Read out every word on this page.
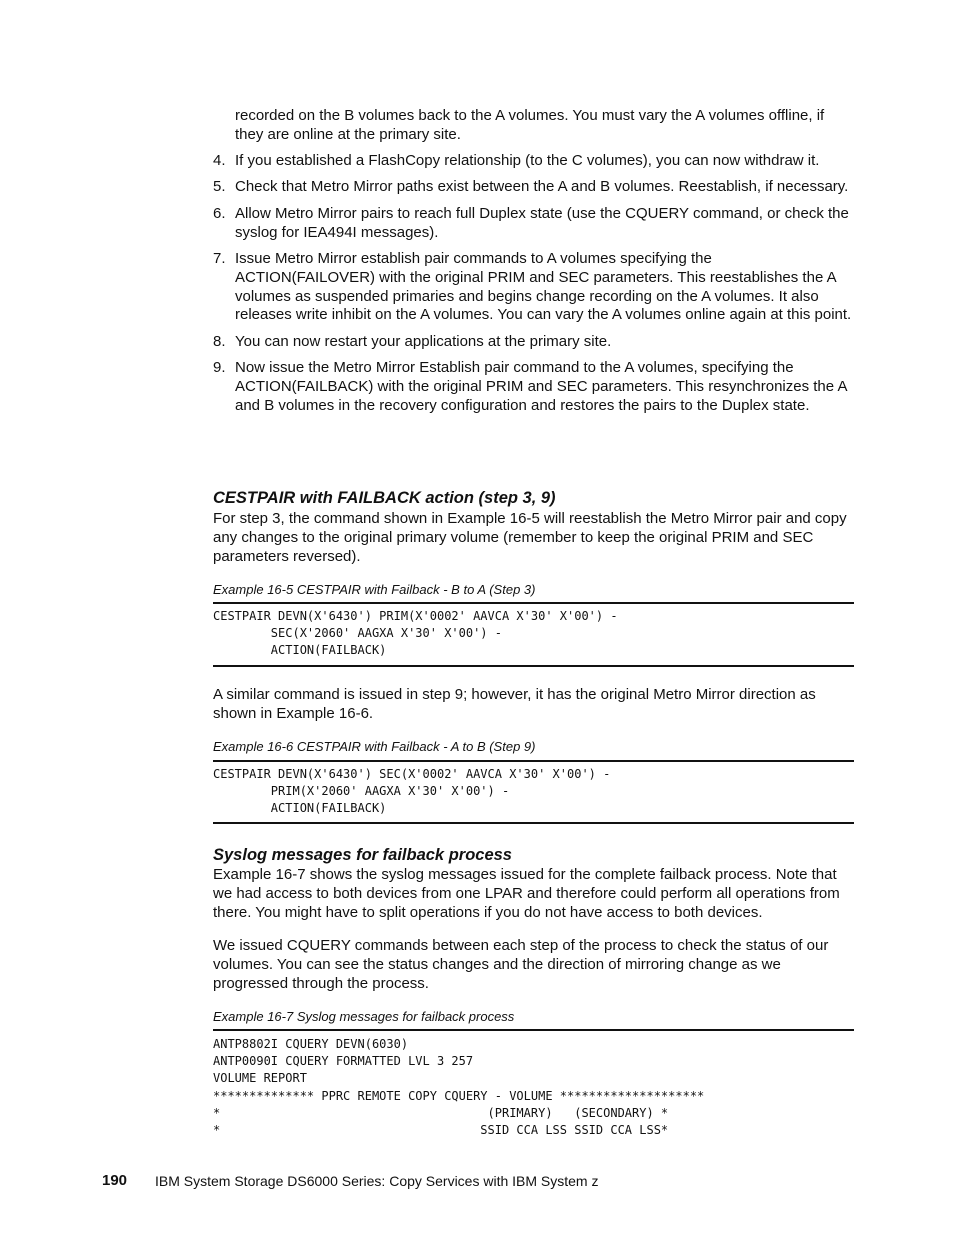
recorded on the B volumes back to the A volumes. You must vary the A volumes offline, if they are online at the primary site.
4. If you established a FlashCopy relationship (to the C volumes), you can now withdraw it.
5. Check that Metro Mirror paths exist between the A and B volumes. Reestablish, if necessary.
6. Allow Metro Mirror pairs to reach full Duplex state (use the CQUERY command, or check the syslog for IEA494I messages).
7. Issue Metro Mirror establish pair commands to A volumes specifying the ACTION(FAILOVER) with the original PRIM and SEC parameters. This reestablishes the A volumes as suspended primaries and begins change recording on the A volumes. It also releases write inhibit on the A volumes. You can vary the A volumes online again at this point.
8. You can now restart your applications at the primary site.
9. Now issue the Metro Mirror Establish pair command to the A volumes, specifying the ACTION(FAILBACK) with the original PRIM and SEC parameters. This resynchronizes the A and B volumes in the recovery configuration and restores the pairs to the Duplex state.
CESTPAIR with FAILBACK action (step 3, 9)

For step 3, the command shown in Example 16-5 will reestablish the Metro Mirror pair and copy any changes to the original primary volume (remember to keep the original PRIM and SEC parameters reversed).

Example 16-5 CESTPAIR with Failback - B to A (Step 3)
CESTPAIR DEVN(X'6430') PRIM(X'0002' AAVCA X'30' X'00') -
SEC(X'2060' AAGXA X'30' X'00') -
ACTION(FAILBACK)

A similar command is issued in step 9; however, it has the original Metro Mirror direction as shown in Example 16-6.

Example 16-6 CESTPAIR with Failback - A to B (Step 9)
CESTPAIR DEVN(X'6430') SEC(X'0002' AAVCA X'30' X'00') -
PRIM(X'2060' AAGXA X'30' X'00') -
ACTION(FAILBACK)
Syslog messages for failback process

Example 16-7 shows the syslog messages issued for the complete failback process. Note that we had access to both devices from one LPAR and therefore could perform all operations from there. You might have to split operations if you do not have access to both devices.

We issued CQUERY commands between each step of the process to check the status of our volumes. You can see the status changes and the direction of mirroring change as we progressed through the process.

Example 16-7 Syslog messages for failback process
ANTP8802I CQUERY DEVN(6030)
ANTP0090I CQUERY FORMATTED LVL 3 257
VOLUME REPORT
************** PPRC REMOTE COPY CQUERY - VOLUME ********************
*                                     (PRIMARY)   (SECONDARY) *
*                                    SSID CCA LSS SSID CCA LSS*
190 IBM System Storage DS6000 Series: Copy Services with IBM System z
